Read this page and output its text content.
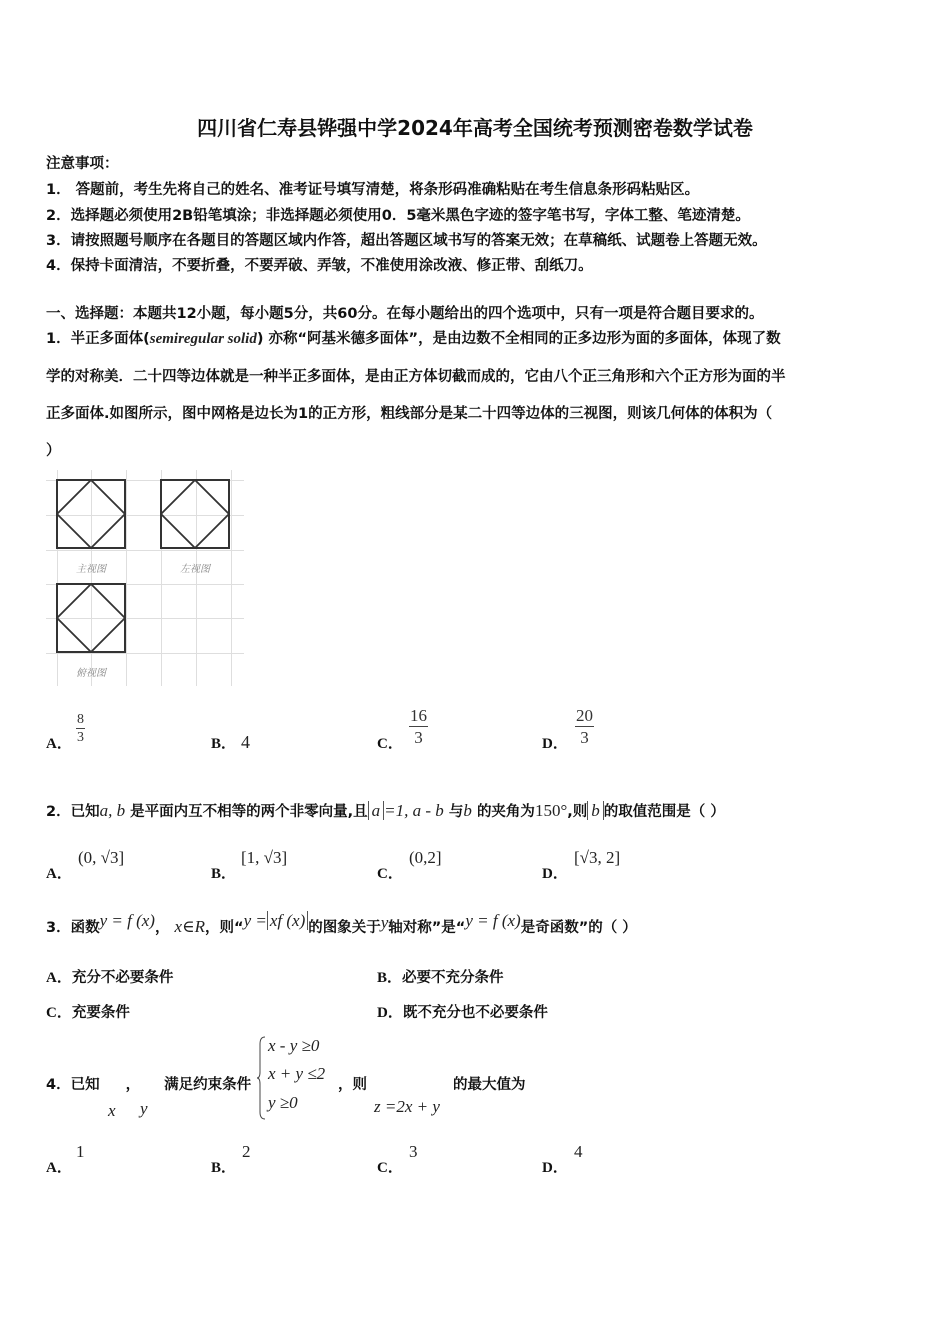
四川省仁寿县铧强中学2024年高考全国统考预测密卷数学试卷
注意事项：
1． 答题前，考生先将自己的姓名、准考证号填写清楚，将条形码准确粘贴在考生信息条形码粘贴区。
2．选择题必须使用2B铅笔填涂；非选择题必须使用0．5毫米黑色字迹的签字笔书写，字体工整、笔迹清楚。
3．请按照题号顺序在各题目的答题区域内作答，超出答题区域书写的答案无效；在草稿纸、试题卷上答题无效。
4．保持卡面清洁，不要折叠，不要弄破、弄皱，不准使用涂改液、修正带、刮纸刀。
一、选择题：本题共12小题，每小题5分，共60分。在每小题给出的四个选项中，只有一项是符合题目要求的。
1．半正多面体(semiregular solid) 亦称“阿基米德多面体”，是由边数不全相同的正多边形为面的多面体，体现了数
学的对称美．二十四等边体就是一种半正多面体，是由正方体切截而成的，它由八个正三角形和六个正方形为面的半
正多面体.如图所示，图中网格是边长为1的正方形，粗线部分是某二十四等边体的三视图，则该几何体的体积为（
）
主视图	左视图
俯视图
A． $\frac{8}{3}$	B． 4	C． $\frac{16}{3}$	D． $\frac{20}{3}$
2．已知a, b 是平面内互不相等的两个非零向量,且 a =1, a - b 与b 的夹角为150°,则 b 的取值范围是（ ）
A．
(0, √3]
B．
[1, √3]
C．
(0,2]
D．
[√3, 2]
3．函数y = f (x)， x∈R，则“y = xf (x) 的图象关于y轴对称”是“y = f (x)是奇函数”的（ ）
A．充分不必要条件	B．必要不充分条件
C．充要条件	D．既不充分也不必要条件
4．已知 ， 满足约束条件
x y
x - y ≥0
x + y ≤2
y ≥0
，则
z =2x + y
的最大值为
A．
1
B．
2
C．
3
D．
4
